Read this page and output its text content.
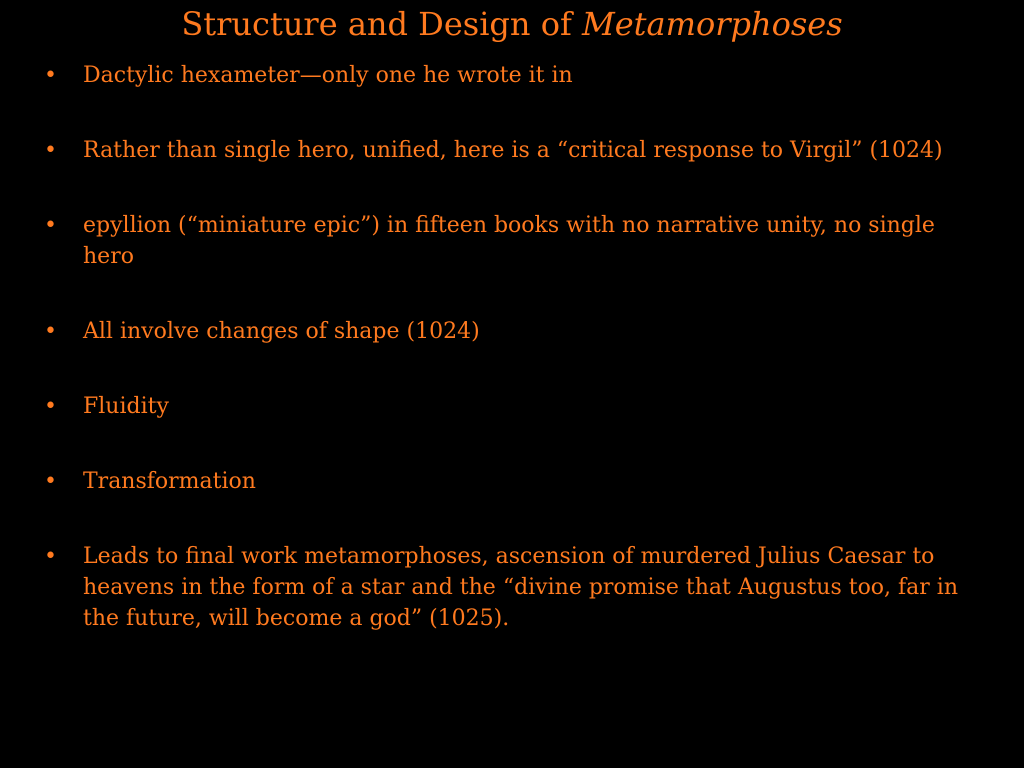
Structure and Design of Metamorphoses
• Dactylic hexameter—only one he wrote it in
• Rather than single hero, unified, here is a “critical response to Virgil” (1024)
• epyllion (“miniature epic”) in fifteen books with no narrative unity, no single hero
• All involve changes of shape (1024)
• Fluidity
• Transformation
• Leads to final work metamorphoses, ascension of murdered Julius Caesar to heavens in the form of a star and the “divine promise that Augustus too, far in the future, will become a god” (1025).
